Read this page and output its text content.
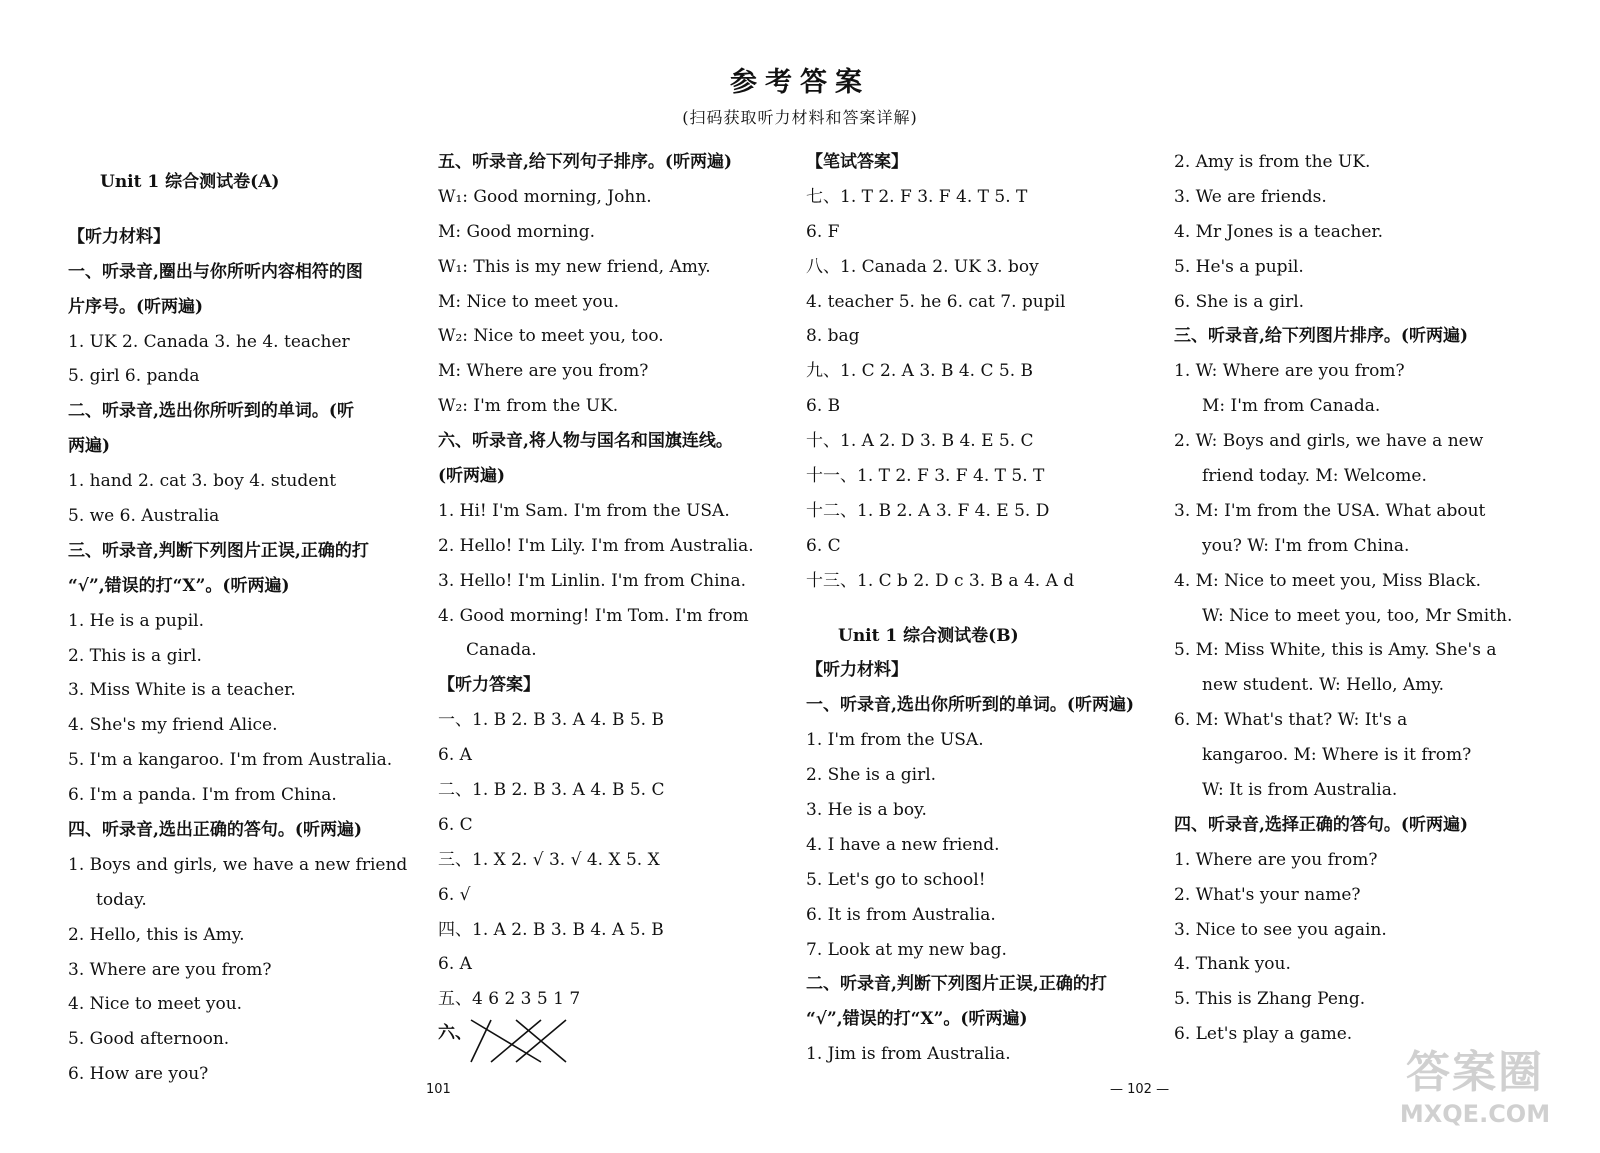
参考答案
(扫码获取听力材料和答案详解)
Unit 1 综合测试卷(A)
【听力材料】
一、听录音,圈出与你所听内容相符的图
片序号。(听两遍)
1. UK 2. Canada 3. he 4. teacher
5. girl 6. panda
二、听录音,选出你所听到的单词。(听
两遍)
1. hand 2. cat 3. boy 4. student
5. we 6. Australia
三、听录音,判断下列图片正误,正确的打
“√”,错误的打“X”。(听两遍)
1. He is a pupil.
2. This is a girl.
3. Miss White is a teacher.
4. She's my friend Alice.
5. I'm a kangaroo. I'm from Australia.
6. I'm a panda. I'm from China.
四、听录音,选出正确的答句。(听两遍)
1. Boys and girls, we have a new friend
today.
2. Hello, this is Amy.
3. Where are you from?
4. Nice to meet you.
5. Good afternoon.
6. How are you?
五、听录音,给下列句子排序。(听两遍)
W₁: Good morning, John.
M: Good morning.
W₁: This is my new friend, Amy.
M: Nice to meet you.
W₂: Nice to meet you, too.
M: Where are you from?
W₂: I'm from the UK.
六、听录音,将人物与国名和国旗连线。
(听两遍)
1. Hi! I'm Sam. I'm from the USA.
2. Hello! I'm Lily. I'm from Australia.
3. Hello! I'm Linlin. I'm from China.
4. Good morning! I'm Tom. I'm from
Canada.
【听力答案】
一、1. B 2. B 3. A 4. B 5. B
6. A
二、1. B 2. B 3. A 4. B 5. C
6. C
三、1. X 2. √ 3. √ 4. X 5. X
6. √
四、1. A 2. B 3. B 4. A 5. B
6. A
五、4 6 2 3 5 1 7
【笔试答案】
七、1. T 2. F 3. F 4. T 5. T
6. F
八、1. Canada 2. UK 3. boy
4. teacher 5. he 6. cat 7. pupil
8. bag
九、1. C 2. A 3. B 4. C 5. B
6. B
十、1. A 2. D 3. B 4. E 5. C
十一、1. T 2. F 3. F 4. T 5. T
十二、1. B 2. A 3. F 4. E 5. D
6. C
十三、1. C b 2. D c 3. B a 4. A d
Unit 1 综合测试卷(B)
【听力材料】
一、听录音,选出你所听到的单词。(听两遍)
1. I'm from the USA.
2. She is a girl.
3. He is a boy.
4. I have a new friend.
5. Let's go to school!
6. It is from Australia.
7. Look at my new bag.
二、听录音,判断下列图片正误,正确的打
“√”,错误的打“X”。(听两遍)
1. Jim is from Australia.
2. Amy is from the UK.
3. We are friends.
4. Mr Jones is a teacher.
5. He's a pupil.
6. She is a girl.
三、听录音,给下列图片排序。(听两遍)
1. W: Where are you from?
M: I'm from Canada.
2. W: Boys and girls, we have a new
friend today. M: Welcome.
3. M: I'm from the USA. What about
you? W: I'm from China.
4. M: Nice to meet you, Miss Black.
W: Nice to meet you, too, Mr Smith.
5. M: Miss White, this is Amy. She's a
new student. W: Hello, Amy.
6. M: What's that? W: It's a
kangaroo. M: Where is it from?
W: It is from Australia.
四、听录音,选择正确的答句。(听两遍)
1. Where are you from?
2. What's your name?
3. Nice to see you again.
4. Thank you.
5. This is Zhang Peng.
6. Let's play a game.
六、
101	— 102 —	答案圈
MXQE.COM
